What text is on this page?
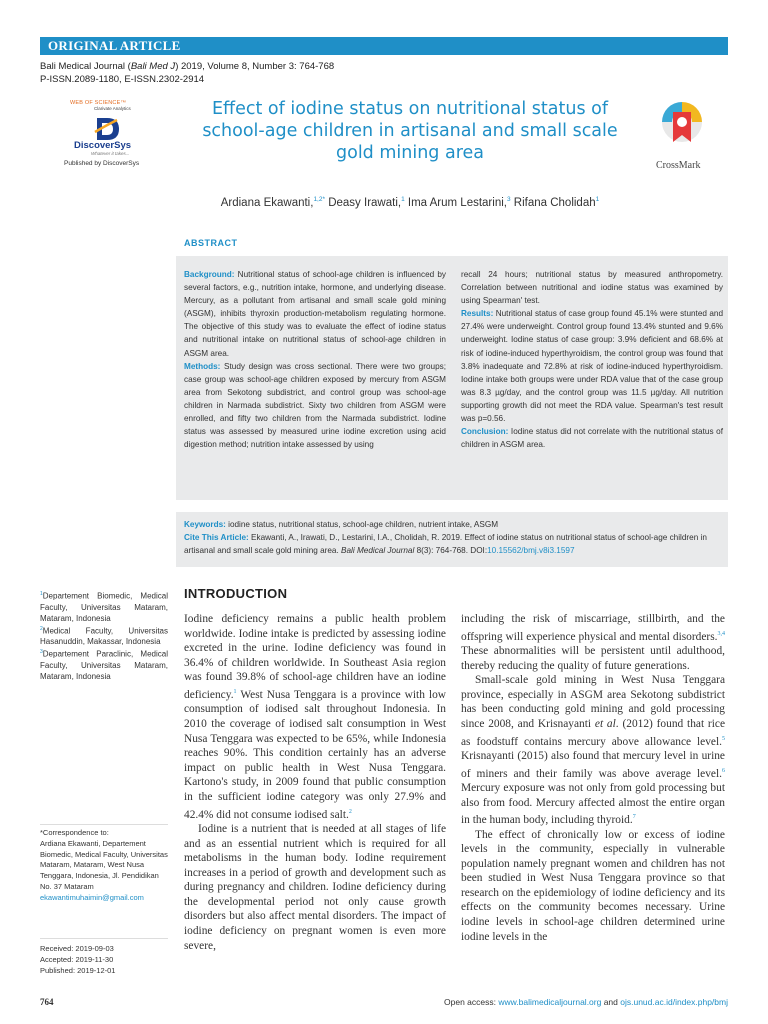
ORIGINAL ARTICLE
Bali Medical Journal (Bali Med J) 2019, Volume 8, Number 3: 764-768
P-ISSN.2089-1180, E-ISSN.2302-2914
WEB OF SCIENCE™
Clarivate Analytics
DiscoverSys
Whatever it takes...
Published by DiscoverSys
Effect of iodine status on nutritional status of school-age children in artisanal and small scale gold mining area
CrossMark
Ardiana Ekawanti,$^{1,2*}$ Deasy Irawati,$^1$ Ima Arum Lestarini,$^3$ Rifana Cholidah$^1$
ABSTRACT
Background: Nutritional status of school-age children is influenced by several factors, e.g., nutrition intake, hormone, and underlying disease. Mercury, as a pollutant from artisanal and small scale gold mining (ASGM), inhibits thyroxin production-metabolism regulating hormone. The objective of this study was to evaluate the effect of iodine status and nutritional intake on nutritional status of school-age children in ASGM area.
Methods: Study design was cross sectional. There were two groups; case group was school-age children exposed by mercury from ASGM area from Sekotong subdistrict, and control group was school-age children in Narmada subdistrict. Sixty two children from ASGM were enrolled, and fifty two children from the Narmada subdistrict. Iodine status was assessed by measured urine iodine excretion using acid digestion method; nutrition intake assessed by using
recall 24 hours; nutritional status by measured anthropometry. Correlation between nutritional and iodine status was examined by using Spearman' test.
Results: Nutritional status of case group found 45.1% were stunted and 27.4% were underweight. Control group found 13.4% stunted and 9.6% underweight. Iodine status of case group: 3.9% deficient and 68.6% at risk of iodine-induced hyperthyroidism, the control group was found that 3.8% inadequate and 72.8% at risk of iodine-induced hyperthyroidism. Iodine intake both groups were under RDA value that of the case group was 8.3 µg/day, and the control group was 11.5 µg/day. All nutrition supporting growth did not meet the RDA value. Spearman's test result was p=0.56.
Conclusion: Iodine status did not correlate with the nutritional status of children in ASGM area.
Keywords: iodine status, nutritional status, school-age children, nutrient intake, ASGM
Cite This Article: Ekawanti, A., Irawati, D., Lestarini, I.A., Cholidah, R. 2019. Effect of iodine status on nutritional status of school-age children in artisanal and small scale gold mining area. Bali Medical Journal 8(3): 764-768. DOI:10.15562/bmj.v8i3.1597
$^1$Departement Biomedic, Medical Faculty, Universitas Mataram, Mataram, Indonesia
$^2$Medical Faculty, Universitas Hasanuddin, Makassar, Indonesia
$^3$Departement Paraclinic, Medical Faculty, Universitas Mataram, Mataram, Indonesia
*Correspondence to:
Ardiana Ekawanti, Departement Biomedic, Medical Faculty, Universitas Mataram, Mataram, West Nusa Tenggara, Indonesia, Jl. Pendidikan No. 37 Mataram
ekawantimuhaimin@gmail.com
Received: 2019-09-03
Accepted: 2019-11-30
Published: 2019-12-01
INTRODUCTION

Iodine deficiency remains a public health problem worldwide. Iodine intake is predicted by assessing iodine excreted in the urine. Iodine deficiency was found in 36.4% of children worldwide. In Southeast Asia region was found 39.8% of school-age children have an iodine deficiency.$^1$ West Nusa Tenggara is a province with low consumption of iodised salt throughout Indonesia. In 2010 the coverage of iodised salt consumption in West Nusa Tenggara was expected to be 65%, while Indonesia reaches 90%. This condition certainly has an adverse impact on public health in West Nusa Tenggara. Kartono's study, in 2009 found that public consumption in the sufficient iodine category was only 27.9% and 42.4% did not consume iodised salt.$^2$

Iodine is a nutrient that is needed at all stages of life and as an essential nutrient which is required for all metabolisms in the human body. Iodine requirement increases in a period of growth and development such as during pregnancy and children. Iodine deficiency during the developmental period not only cause growth disorders but also affect mental disorders. The impact of iodine deficiency on pregnant women is even more severe,

including the risk of miscarriage, stillbirth, and the offspring will experience physical and mental disorders.$^{3,4}$ These abnormalities will be persistent until adulthood, thereby reducing the quality of future generations.

Small-scale gold mining in West Nusa Tenggara province, especially in ASGM area Sekotong subdistrict has been conducting gold mining and gold processing since 2008, and Krisnayanti et al. (2012) found that rice as foodstuff contains mercury above allowance level.$^5$ Krisnayanti (2015) also found that mercury level in urine of miners and their family was above average level.$^6$ Mercury exposure was not only from gold processing but also from food. Mercury affected almost the entire organ in the human body, including thyroid.$^7$

The effect of chronically low or excess of iodine levels in the community, especially in vulnerable population namely pregnant women and children has not been studied in West Nusa Tenggara province so that research on the epidemiology of iodine deficiency and its effects on the community becomes necessary. Urine iodine levels in school-age children determined urine iodine levels in the

764	Open access: www.balimedicaljournal.org and ojs.unud.ac.id/index.php/bmj
